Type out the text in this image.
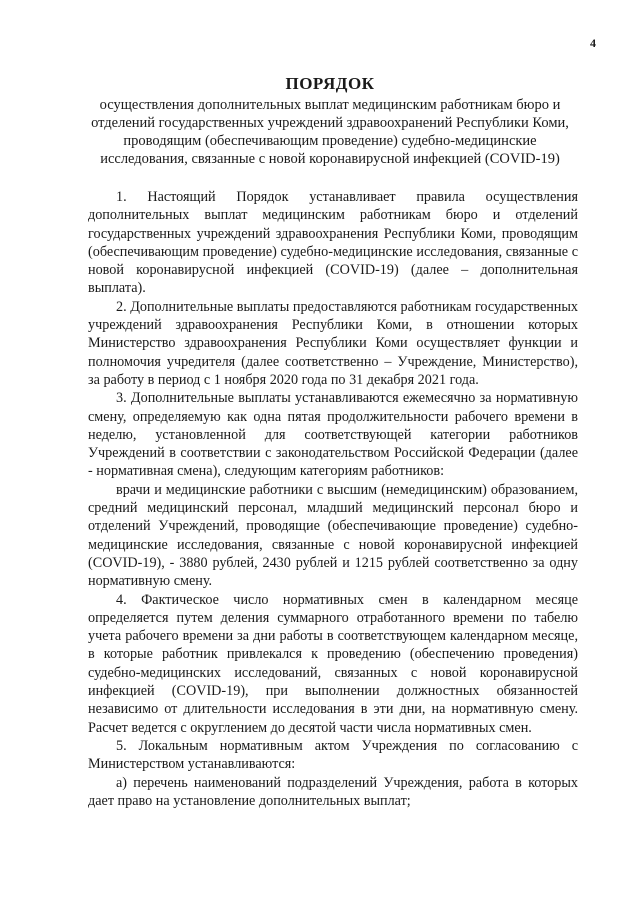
4
ПОРЯДОК
осуществления дополнительных выплат медицинским работникам бюро и отделений государственных учреждений здравоохранений Республики Коми, проводящим (обеспечивающим проведение) судебно-медицинские исследования, связанные с новой коронавирусной инфекцией (COVID-19)

1. Настоящий Порядок устанавливает правила осуществления дополнительных выплат медицинским работникам бюро и отделений государственных учреждений здравоохранения Республики Коми, проводящим (обеспечивающим проведение) судебно-медицинские исследования, связанные с новой коронавирусной инфекцией (COVID-19) (далее – дополнительная выплата).

2. Дополнительные выплаты предоставляются работникам государственных учреждений здравоохранения Республики Коми, в отношении которых Министерство здравоохранения Республики Коми осуществляет функции и полномочия учредителя (далее соответственно – Учреждение, Министерство), за работу в период с 1 ноября 2020 года по 31 декабря 2021 года.

3. Дополнительные выплаты устанавливаются ежемесячно за нормативную смену, определяемую как одна пятая продолжительности рабочего времени в неделю, установленной для соответствующей категории работников Учреждений в соответствии с законодательством Российской Федерации (далее - нормативная смена), следующим категориям работников:

врачи и медицинские работники с высшим (немедицинским) образованием, средний медицинский персонал, младший медицинский персонал бюро и отделений Учреждений, проводящие (обеспечивающие проведение) судебно-медицинские исследования, связанные с новой коронавирусной инфекцией (COVID-19), - 3880 рублей, 2430 рублей и 1215 рублей соответственно за одну нормативную смену.

4. Фактическое число нормативных смен в календарном месяце определяется путем деления суммарного отработанного времени по табелю учета рабочего времени за дни работы в соответствующем календарном месяце, в которые работник привлекался к проведению (обеспечению проведения) судебно-медицинских исследований, связанных с новой коронавирусной инфекцией (COVID-19), при выполнении должностных обязанностей независимо от длительности исследования в эти дни, на нормативную смену. Расчет ведется с округлением до десятой части числа нормативных смен.

5. Локальным нормативным актом Учреждения по согласованию с Министерством устанавливаются:

а) перечень наименований подразделений Учреждения, работа в которых дает право на установление дополнительных выплат;
